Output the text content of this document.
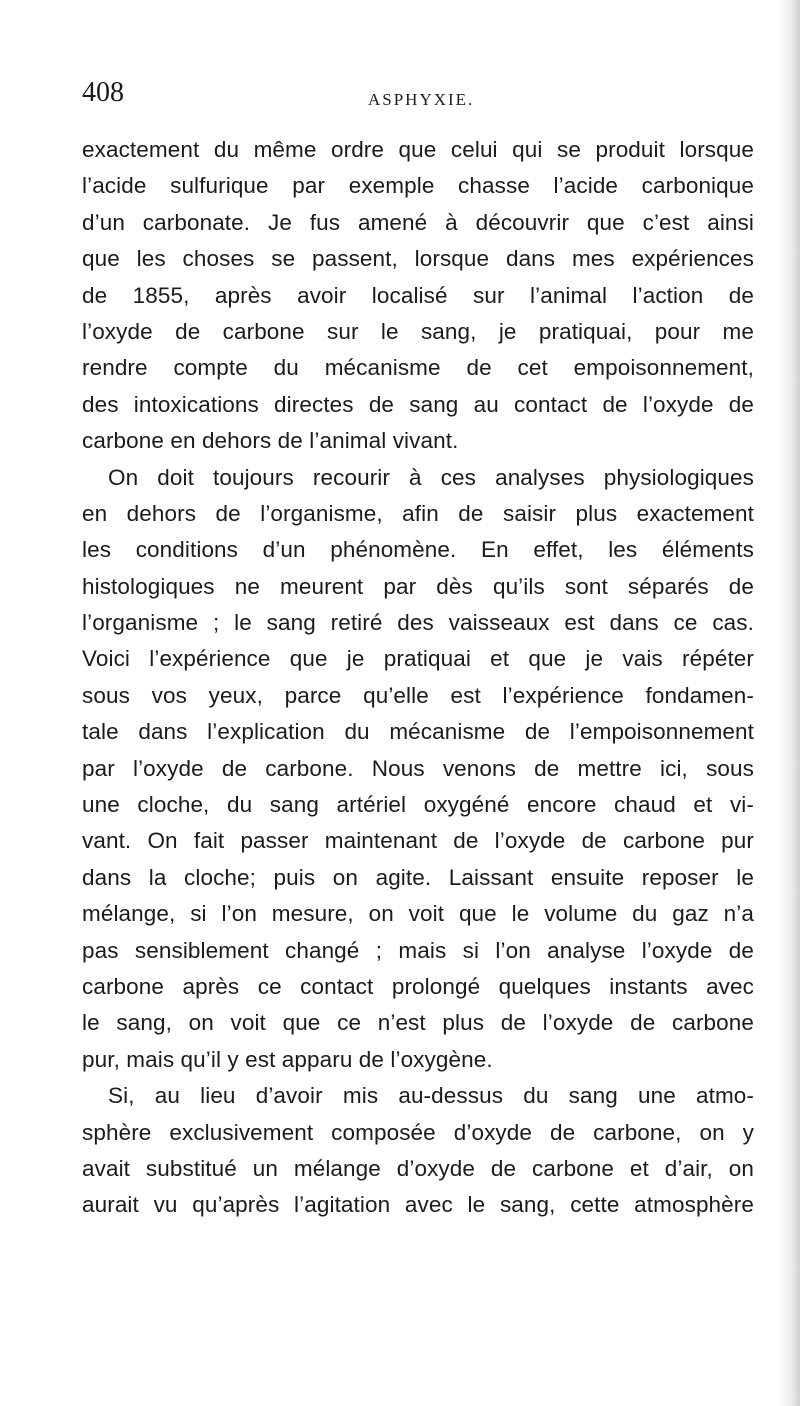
408	ASPHYXIE.
exactement du même ordre que celui qui se produit lorsque
l’acide sulfurique par exemple chasse l’acide carbonique
d’un carbonate. Je fus amené à découvrir que c’est ainsi
que les choses se passent, lorsque dans mes expériences
de 1855, après avoir localisé sur l’animal l’action de
l’oxyde de carbone sur le sang, je pratiquai, pour me
rendre compte du mécanisme de cet empoisonnement,
des intoxications directes de sang au contact de l’oxyde de
carbone en dehors de l’animal vivant.
On doit toujours recourir à ces analyses physiologiques
en dehors de l’organisme, afin de saisir plus exactement
les conditions d’un phénomène. En effet, les éléments
histologiques ne meurent par dès qu’ils sont séparés de
l’organisme ; le sang retiré des vaisseaux est dans ce cas.
Voici l’expérience que je pratiquai et que je vais répéter
sous vos yeux, parce qu’elle est l’expérience fondamen-
tale dans l’explication du mécanisme de l’empoisonnement
par l’oxyde de carbone. Nous venons de mettre ici, sous
une cloche, du sang artériel oxygéné encore chaud et vi-
vant. On fait passer maintenant de l’oxyde de carbone pur
dans la cloche; puis on agite. Laissant ensuite reposer le
mélange, si l’on mesure, on voit que le volume du gaz n’a
pas sensiblement changé ; mais si l’on analyse l’oxyde de
carbone après ce contact prolongé quelques instants avec
le sang, on voit que ce n’est plus de l’oxyde de carbone
pur, mais qu’il y est apparu de l’oxygène.
Si, au lieu d’avoir mis au-dessus du sang une atmo-
sphère exclusivement composée d’oxyde de carbone, on y
avait substitué un mélange d’oxyde de carbone et d’air, on
aurait vu qu’après l’agitation avec le sang, cette atmosphère
